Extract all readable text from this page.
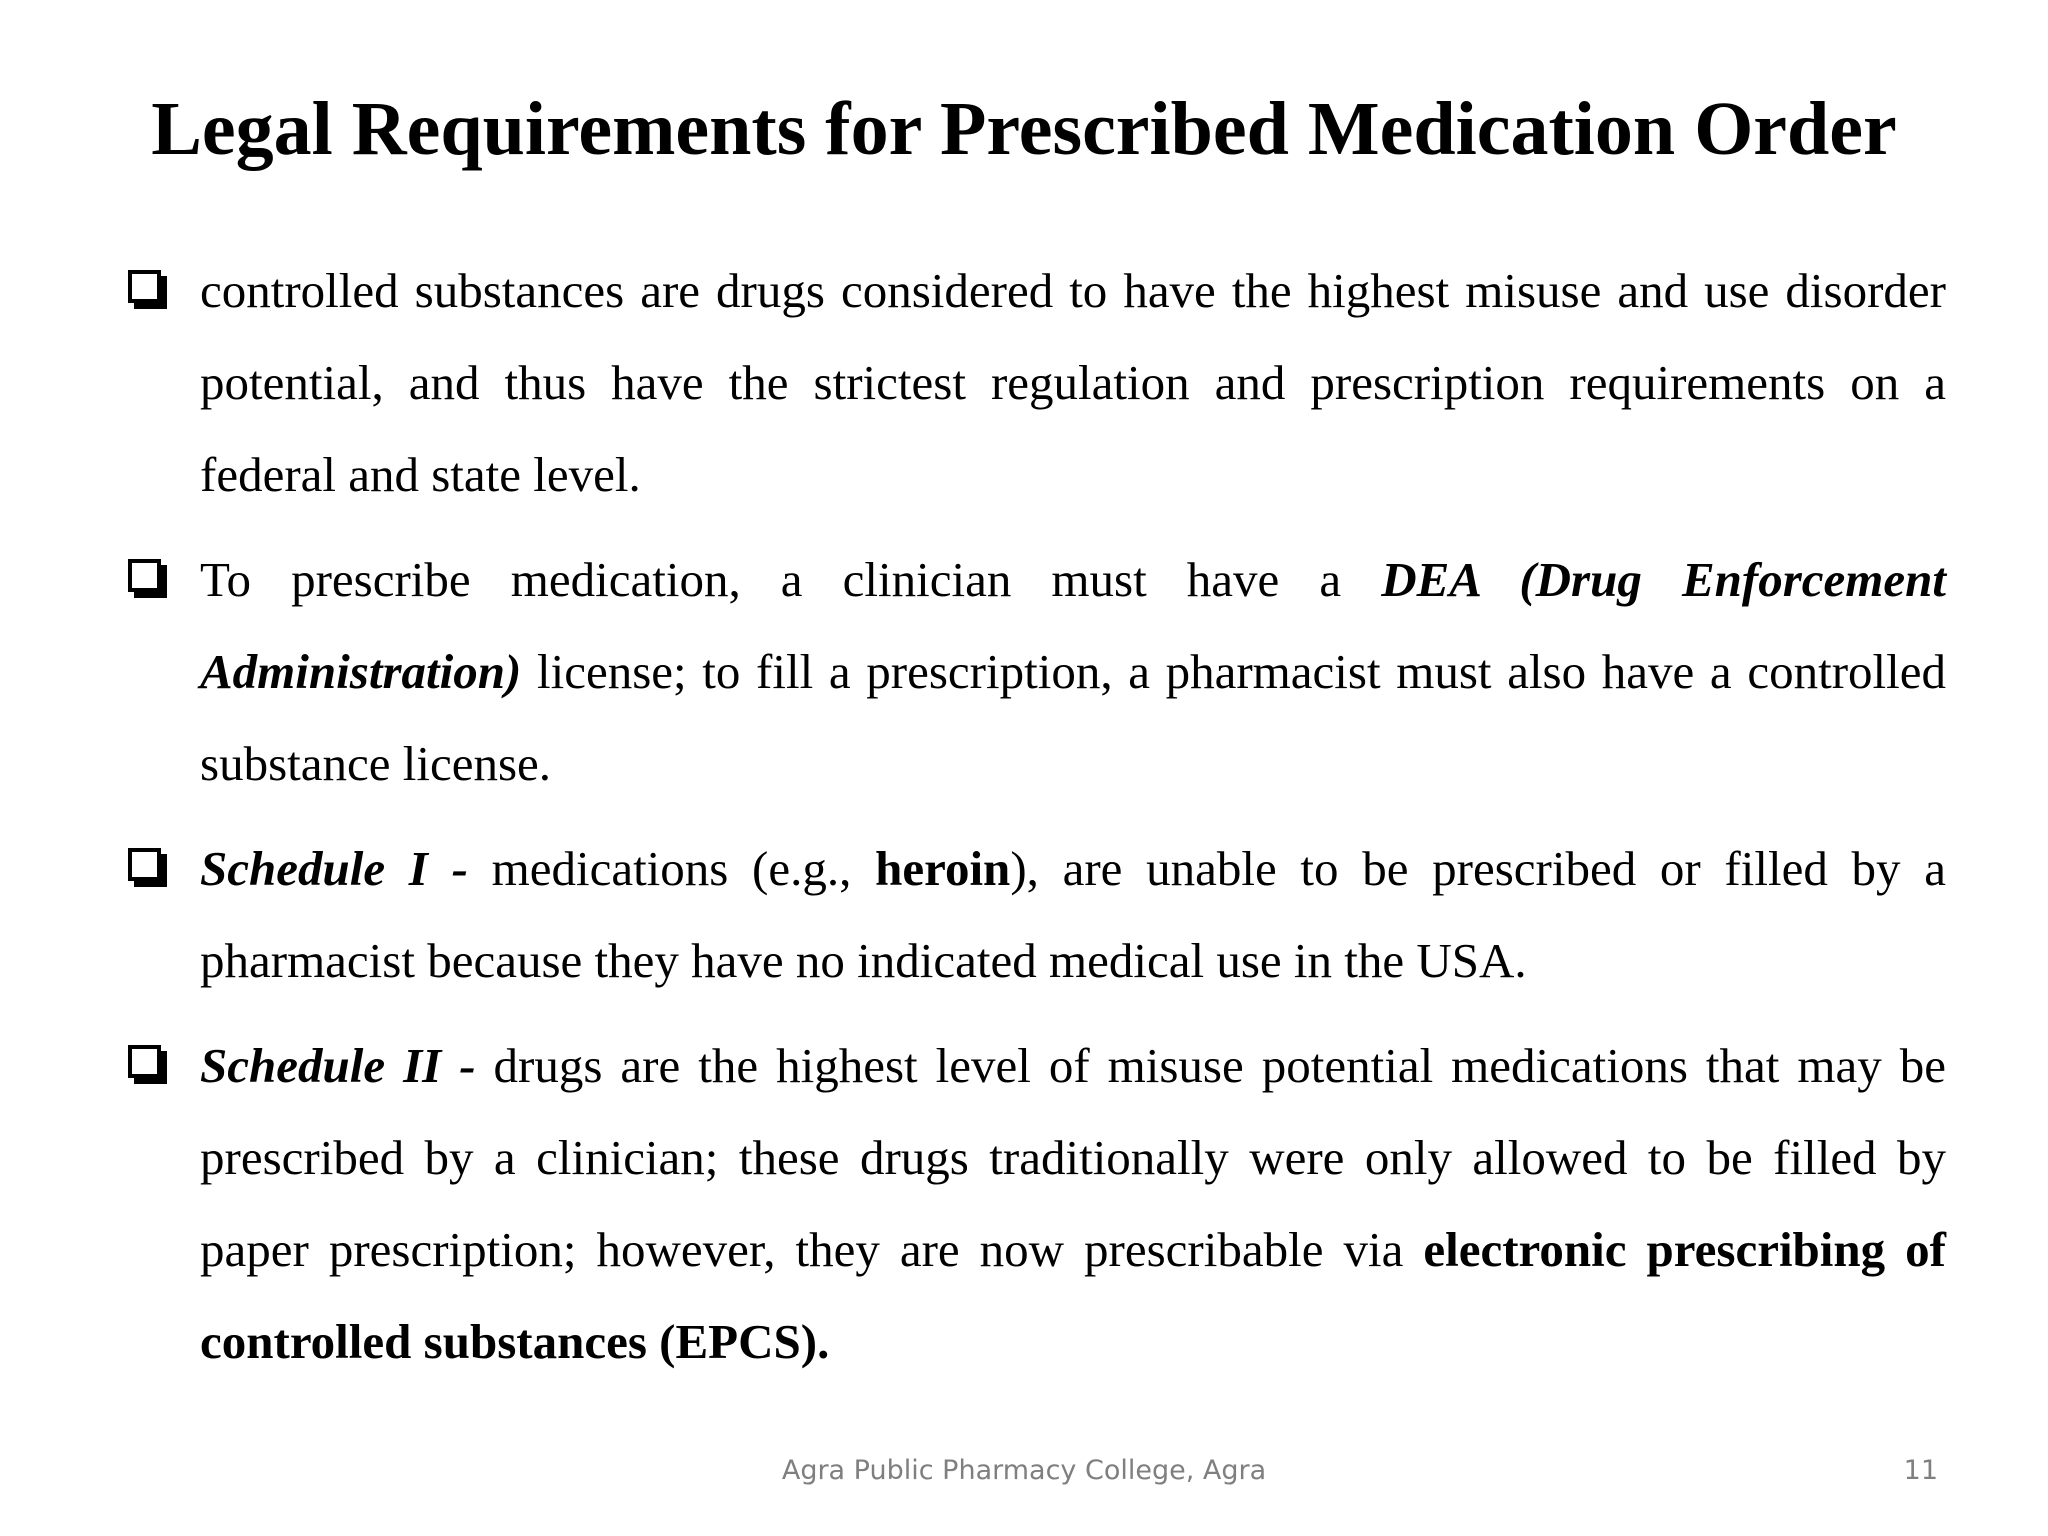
Legal Requirements for Prescribed Medication Order

controlled substances are drugs considered to have the highest misuse and use disorder potential, and thus have the strictest regulation and prescription requirements on a federal and state level.

To prescribe medication, a clinician must have a DEA (Drug Enforcement Administration) license; to fill a prescription, a pharmacist must also have a controlled substance license.

Schedule I - medications (e.g., heroin), are unable to be prescribed or filled by a pharmacist because they have no indicated medical use in the USA.

Schedule II - drugs are the highest level of misuse potential medications that may be prescribed by a clinician; these drugs traditionally were only allowed to be filled by paper prescription; however, they are now prescribable via electronic prescribing of controlled substances (EPCS).

Agra Public Pharmacy College, Agra	11
